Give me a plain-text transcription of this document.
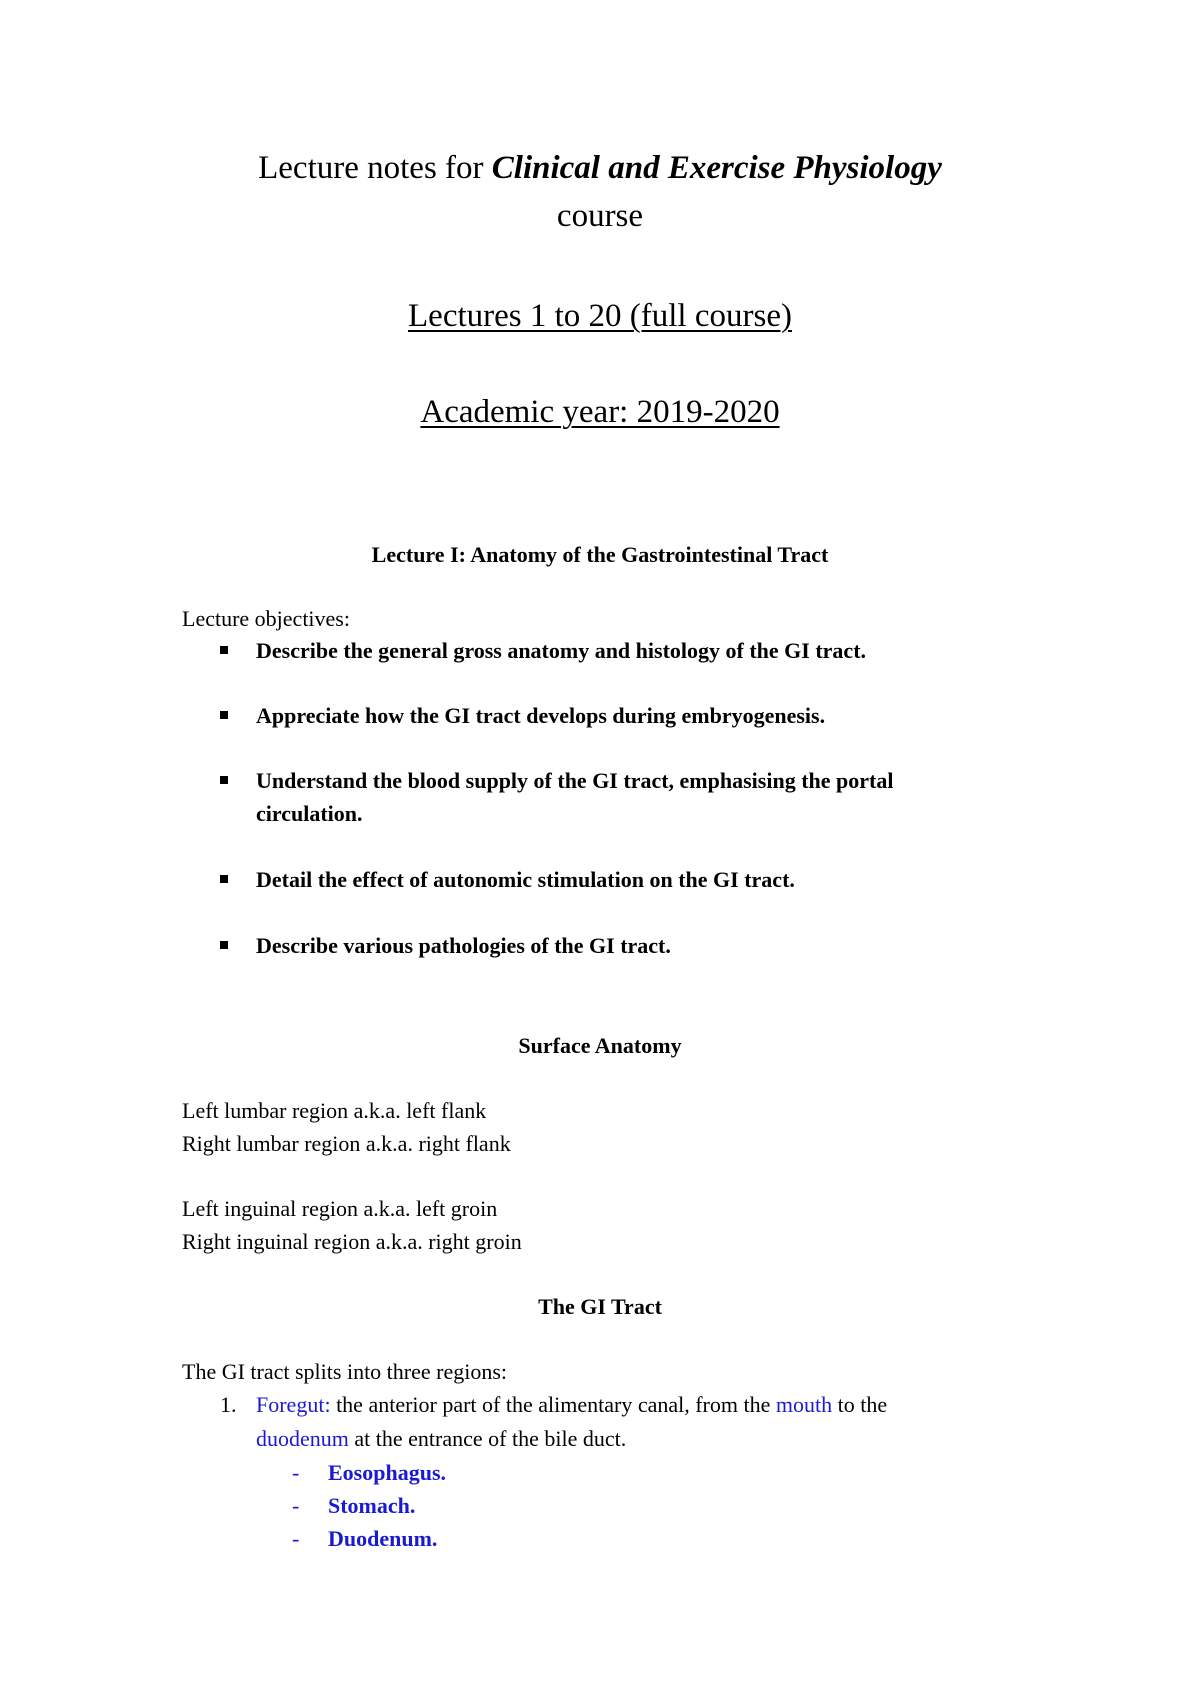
Lecture notes for Clinical and Exercise Physiology
course
Lectures 1 to 20 (full course)
Academic year: 2019-2020
Lecture I: Anatomy of the Gastrointestinal Tract
Lecture objectives:
Describe the general gross anatomy and histology of the GI tract.
Appreciate how the GI tract develops during embryogenesis.
Understand the blood supply of the GI tract, emphasising the portal
circulation.
Detail the effect of autonomic stimulation on the GI tract.
Describe various pathologies of the GI tract.
Surface Anatomy
Left lumbar region a.k.a. left flank
Right lumbar region a.k.a. right flank
Left inguinal region a.k.a. left groin
Right inguinal region a.k.a. right groin
The GI Tract
The GI tract splits into three regions:
1. Foregut: the anterior part of the alimentary canal, from the mouth to the
duodenum at the entrance of the bile duct.
- Eosophagus.
- Stomach.
- Duodenum.
